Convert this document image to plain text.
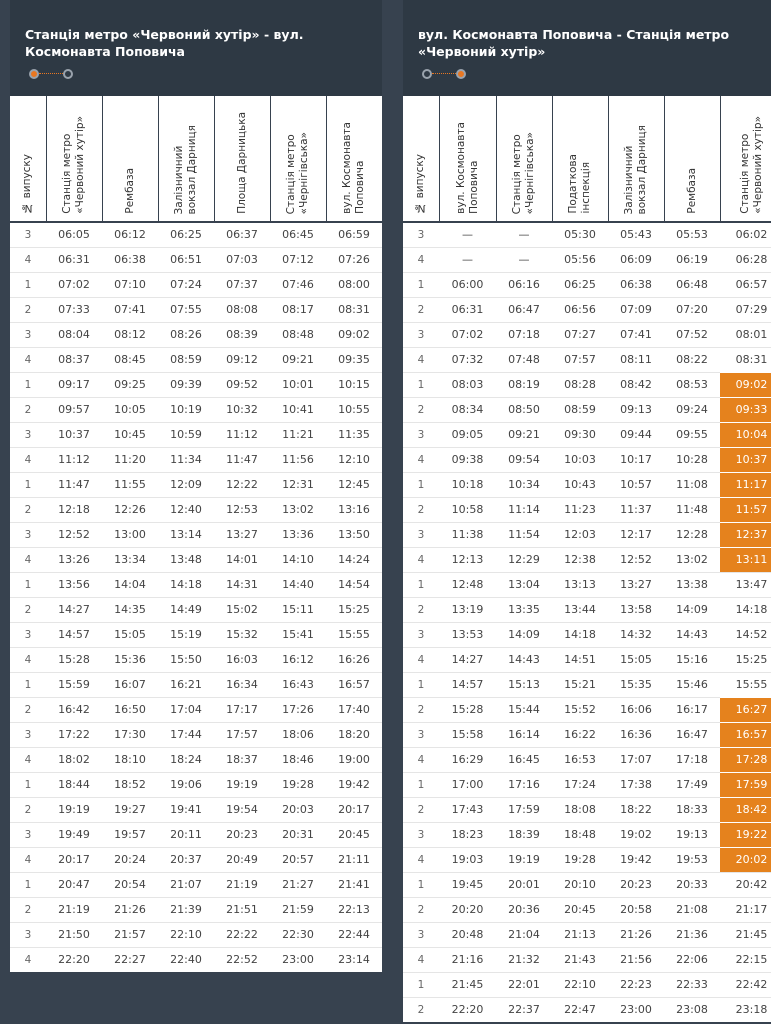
Станція метро «Червоний хутір» - вул. Космонавта Поповича
№ випуску	Станція метро
«Червоний хутір»	Рембаза	Залізничний
вокзал Дарниця	Площа Дарницька	Станція метро
«Чернігівська»	вул. Космонавта
Поповича

3	06:05	06:12	06:25	06:37	06:45	06:59
4	06:31	06:38	06:51	07:03	07:12	07:26
1	07:02	07:10	07:24	07:37	07:46	08:00
2	07:33	07:41	07:55	08:08	08:17	08:31
3	08:04	08:12	08:26	08:39	08:48	09:02
4	08:37	08:45	08:59	09:12	09:21	09:35
1	09:17	09:25	09:39	09:52	10:01	10:15
2	09:57	10:05	10:19	10:32	10:41	10:55
3	10:37	10:45	10:59	11:12	11:21	11:35
4	11:12	11:20	11:34	11:47	11:56	12:10
1	11:47	11:55	12:09	12:22	12:31	12:45
2	12:18	12:26	12:40	12:53	13:02	13:16
3	12:52	13:00	13:14	13:27	13:36	13:50
4	13:26	13:34	13:48	14:01	14:10	14:24
1	13:56	14:04	14:18	14:31	14:40	14:54
2	14:27	14:35	14:49	15:02	15:11	15:25
3	14:57	15:05	15:19	15:32	15:41	15:55
4	15:28	15:36	15:50	16:03	16:12	16:26
1	15:59	16:07	16:21	16:34	16:43	16:57
2	16:42	16:50	17:04	17:17	17:26	17:40
3	17:22	17:30	17:44	17:57	18:06	18:20
4	18:02	18:10	18:24	18:37	18:46	19:00
1	18:44	18:52	19:06	19:19	19:28	19:42
2	19:19	19:27	19:41	19:54	20:03	20:17
3	19:49	19:57	20:11	20:23	20:31	20:45
4	20:17	20:24	20:37	20:49	20:57	21:11
1	20:47	20:54	21:07	21:19	21:27	21:41
2	21:19	21:26	21:39	21:51	21:59	22:13
3	21:50	21:57	22:10	22:22	22:30	22:44
4	22:20	22:27	22:40	22:52	23:00	23:14
вул. Космонавта Поповича - Станція метро «Червоний хутір»
№ випуску	вул. Космонавта
Поповича	Станція метро
«Чернігівська»	Податкова
інспекція	Залізничний
вокзал Дарниця	Рембаза	Станція метро
«Червоний хутір»

3	—	—	05:30	05:43	05:53	06:02
4	—	—	05:56	06:09	06:19	06:28
1	06:00	06:16	06:25	06:38	06:48	06:57
2	06:31	06:47	06:56	07:09	07:20	07:29
3	07:02	07:18	07:27	07:41	07:52	08:01
4	07:32	07:48	07:57	08:11	08:22	08:31
1	08:03	08:19	08:28	08:42	08:53	09:02
2	08:34	08:50	08:59	09:13	09:24	09:33
3	09:05	09:21	09:30	09:44	09:55	10:04
4	09:38	09:54	10:03	10:17	10:28	10:37
1	10:18	10:34	10:43	10:57	11:08	11:17
2	10:58	11:14	11:23	11:37	11:48	11:57
3	11:38	11:54	12:03	12:17	12:28	12:37
4	12:13	12:29	12:38	12:52	13:02	13:11
1	12:48	13:04	13:13	13:27	13:38	13:47
2	13:19	13:35	13:44	13:58	14:09	14:18
3	13:53	14:09	14:18	14:32	14:43	14:52
4	14:27	14:43	14:51	15:05	15:16	15:25
1	14:57	15:13	15:21	15:35	15:46	15:55
2	15:28	15:44	15:52	16:06	16:17	16:27
3	15:58	16:14	16:22	16:36	16:47	16:57
4	16:29	16:45	16:53	17:07	17:18	17:28
1	17:00	17:16	17:24	17:38	17:49	17:59
2	17:43	17:59	18:08	18:22	18:33	18:42
3	18:23	18:39	18:48	19:02	19:13	19:22
4	19:03	19:19	19:28	19:42	19:53	20:02
1	19:45	20:01	20:10	20:23	20:33	20:42
2	20:20	20:36	20:45	20:58	21:08	21:17
3	20:48	21:04	21:13	21:26	21:36	21:45
4	21:16	21:32	21:43	21:56	22:06	22:15
1	21:45	22:01	22:10	22:23	22:33	22:42
2	22:20	22:37	22:47	23:00	23:08	23:18
